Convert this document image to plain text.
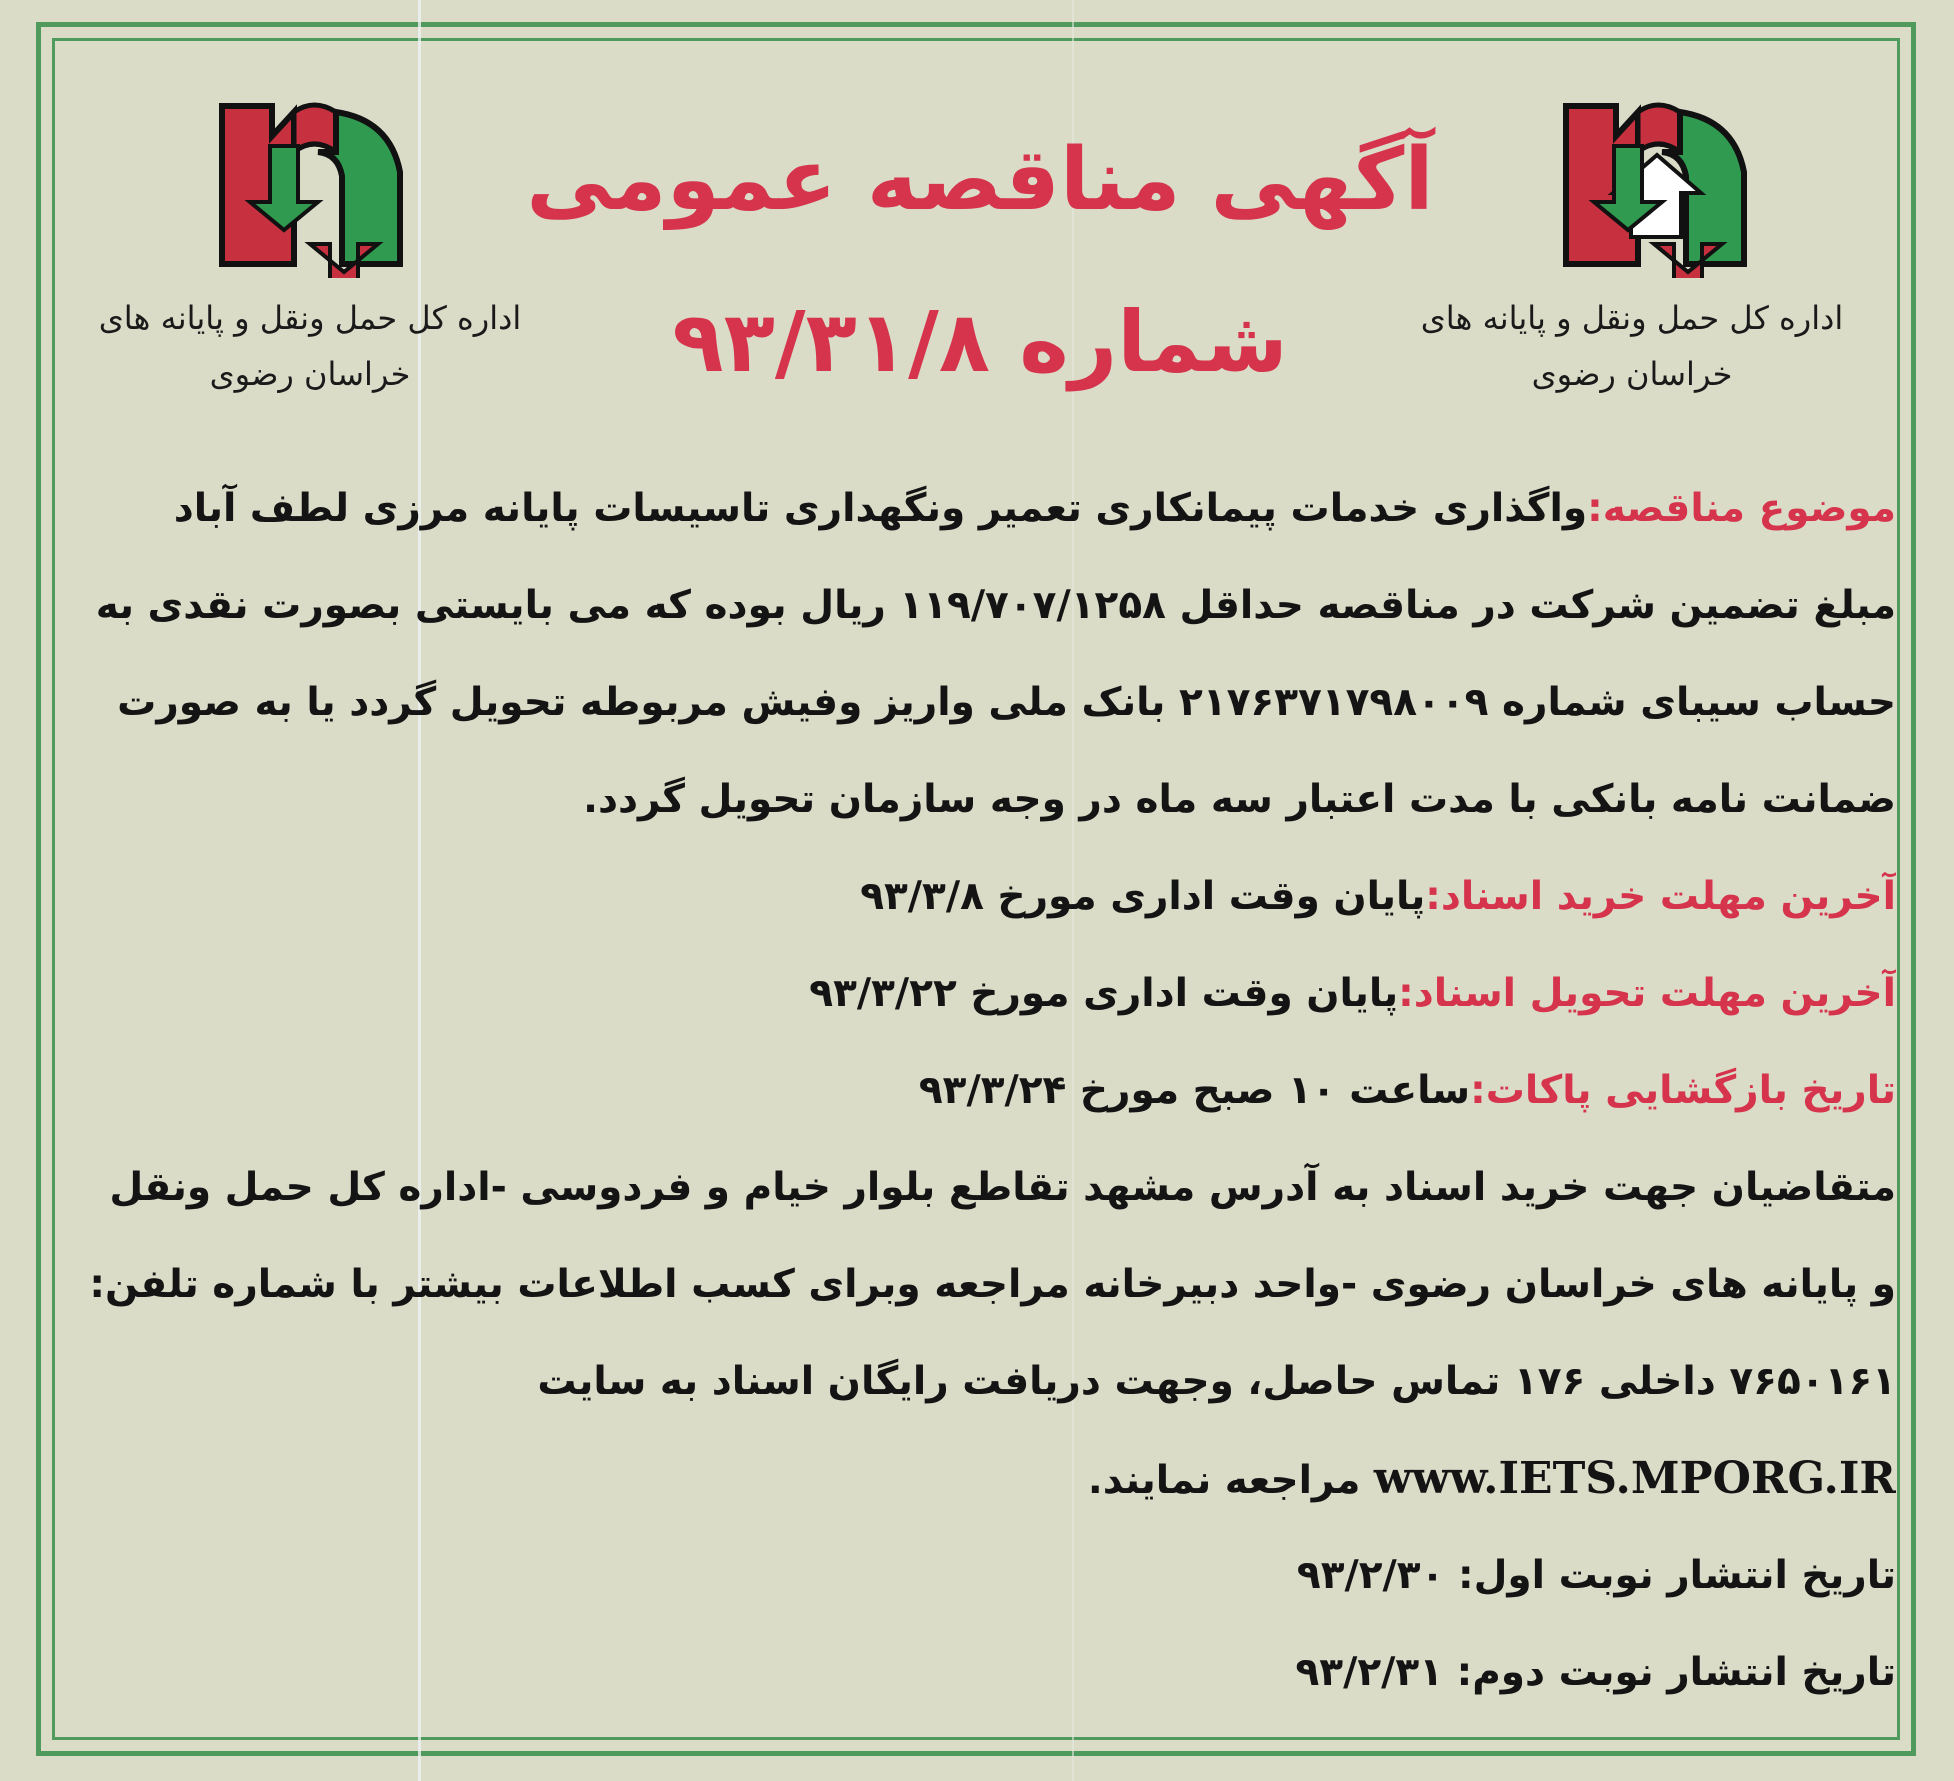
اداره کل حمل ونقل و پایانه های
خراسان رضوی
اداره کل حمل ونقل و پایانه های
خراسان رضوی
آگهی مناقصه عمومی
شماره ۹۳/۳۱/۸
موضوع مناقصه:واگذاری خدمات پیمانکاری تعمیر ونگهداری تاسیسات پایانه مرزی لطف آباد
مبلغ تضمین شرکت در مناقصه حداقل ۱۱۹/۷۰۷/۱۲۵۸ ریال بوده که می بایستی بصورت نقدی به
حساب سیبای شماره ۲۱۷۶۳۷۱۷۹۸۰۰۹ بانک ملی واریز وفیش مربوطه تحویل گردد یا به صورت
ضمانت نامه بانکی با مدت اعتبار سه ماه در وجه سازمان تحویل گردد.
آخرین مهلت خرید اسناد:پایان وقت اداری مورخ ۹۳/۳/۸
آخرین مهلت تحویل اسناد:پایان وقت اداری مورخ ۹۳/۳/۲۲
تاریخ بازگشایی پاکات:ساعت ۱۰ صبح مورخ ۹۳/۳/۲۴
متقاضیان جهت خرید اسناد به آدرس مشهد تقاطع بلوار خیام و فردوسی -اداره کل حمل ونقل
و پایانه های خراسان رضوی -واحد دبیرخانه مراجعه وبرای کسب اطلاعات بیشتر با شماره تلفن:
۷۶۵۰۱۶۱ داخلی ۱۷۶ تماس حاصل، وجهت دریافت رایگان اسناد به سایت
www.IETS.MPORG.IR مراجعه نمایند.
تاریخ انتشار نوبت اول: ۹۳/۲/۳۰
تاریخ انتشار نوبت دوم: ۹۳/۲/۳۱
